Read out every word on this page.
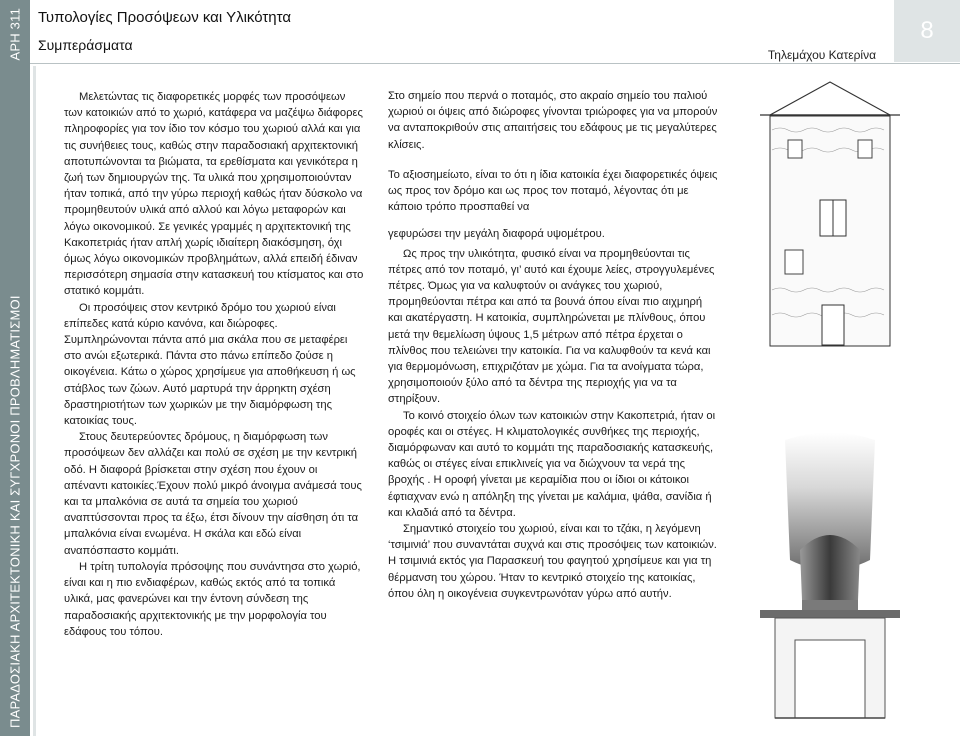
ΠΑΡΑΔΟΣΙΑΚΗ ΑΡΧΙΤΕΚΤΟΝΙΚΗ ΚΑΙ ΣΥΓΧΡΟΝΟΙ ΠΡΟΒΛΗΜΑΤΙΣΜΟΙ
ΑΡΗ 311 Τυπολογίες Προσόψεων και Υλικότητα
Συμπεράσματα
Τηλεμάχου Κατερίνα
8

Μελετώντας τις διαφορετικές μορφές των προσόψεων των κατοικιών από το χωριό, κατάφερα να μαζέψω διάφορες πληροφορίες για τον ίδιο τον κόσμο του χωριού αλλά και για τις συνήθειες τους, καθώς στην παραδοσιακή αρχιτεκτονική αποτυπώνονται τα βιώματα, τα ερεθίσματα και γενικότερα η ζωή των δημιουργών της. Τα υλικά που χρησιμοποιούνταν ήταν τοπικά, από την γύρω περιοχή καθώς ήταν δύσκολο να προμηθευτούν υλικά από αλλού και λόγω μεταφορών και λόγω οικονομικού. Σε γενικές γραμμές η αρχιτεκτονική της Κακοπετριάς ήταν απλή χωρίς ιδιαίτερη διακόσμηση, όχι όμως λόγω οικονομικών προβλημάτων, αλλά επειδή έδιναν περισσότερη σημασία στην κατασκευή του κτίσματος και στο στατικό κομμάτι.

Οι προσόψεις στον κεντρικό δρόμο του χωριού είναι επίπεδες κατά κύριο κανόνα, και διώροφες. Συμπληρώνονται πάντα από μια σκάλα που σε μεταφέρει στο ανώι εξωτερικά. Πάντα στο πάνω επίπεδο ζούσε η οικογένεια. Κάτω ο χώρος χρησίμευε για αποθήκευση ή ως στάβλος των ζώων. Αυτό μαρτυρά την άρρηκτη σχέση δραστηριοτήτων των χωρικών με την διαμόρφωση της κατοικίας τους.

Στους δευτερεύοντες δρόμους, η διαμόρφωση των προσόψεων δεν αλλάζει και πολύ σε σχέση με την κεντρική οδό. Η διαφορά βρίσκεται στην σχέση που έχουν οι απέναντι κατοικίες.Έχουν πολύ μικρό άνοιγμα ανάμεσά τους και τα μπαλκόνια σε αυτά τα σημεία του χωριού αναπτύσσονται προς τα έξω, έτσι δίνουν την αίσθηση ότι τα μπαλκόνια είναι ενωμένα. Η σκάλα και εδώ είναι αναπόσπαστο κομμάτι.

Η τρίτη τυπολογία πρόσοψης που συνάντησα στο χωριό, είναι και η πιο ενδιαφέρων, καθώς εκτός από τα τοπικά υλικά, μας φανερώνει και την έντονη σύνδεση της παραδοσιακής αρχιτεκτονικής με την μορφολογία του εδάφους του τόπου.

Στο σημείο που περνά ο ποταμός, στο ακραίο σημείο του παλιού χωριού οι όψεις από διώροφες γίνονται τριώροφες για να μπορούν να ανταποκριθούν στις απαιτήσεις του εδάφους με τις μεγαλύτερες κλίσεις.

Το αξιοσημείωτο, είναι το ότι η ίδια κατοικία έχει διαφορετικές όψεις ως προς τον δρόμο και ως προς τον ποταμό, λέγοντας ότι με κάποιο τρόπο προσπαθεί να

γεφυρώσει την μεγάλη διαφορά υψομέτρου.

Ως προς την υλικότητα, φυσικό είναι να προμηθεύονται τις πέτρες από τον ποταμό, γι’ αυτό και έχουμε λείες, στρογγυλεμένες πέτρες. Όμως για να καλυφτούν οι ανάγκες του χωριού, προμηθεύονται πέτρα και από τα βουνά όπου είναι πιο αιχμηρή και ακατέργαστη. Η κατοικία, συμπληρώνεται με πλίνθους, όπου μετά την θεμελίωση ύψους 1,5 μέτρων από πέτρα έρχεται ο πλίνθος που τελειώνει την κατοικία. Για να καλυφθούν τα κενά και για θερμομόνωση, επιχριζόταν με χώμα. Για τα ανοίγματα τώρα, χρησιμοποιούν ξύλο από τα δέντρα της περιοχής για να τα στηρίξουν.

Το κοινό στοιχείο όλων των κατοικιών στην Κακοπετριά, ήταν οι οροφές και οι στέγες. Η κλιματολογικές συνθήκες της περιοχής, διαμόρφωναν και αυτό το κομμάτι της παραδοσιακής κατασκευής, καθώς οι στέγες είναι επικλινείς για να διώχνουν τα νερά της βροχής . Η οροφή γίνεται με κεραμίδια που οι ίδιοι οι κάτοικοι έφτιαχναν ενώ η απόληξη της γίνεται με καλάμια, ψάθα, σανίδια ή και κλαδιά από τα δέντρα.

Σημαντικό στοιχείο του χωριού, είναι και το τζάκι, η λεγόμενη ‘τσιμινιά’ που συναντάται συχνά και στις προσόψεις των κατοικιών. Η τσιμινιά εκτός για Παρασκευή του φαγητού χρησίμευε και για τη θέρμανση του χώρου. Ήταν το κεντρικό στοιχείο της κατοικίας, όπου όλη η οικογένεια συγκεντρωνόταν γύρω από αυτήν.
